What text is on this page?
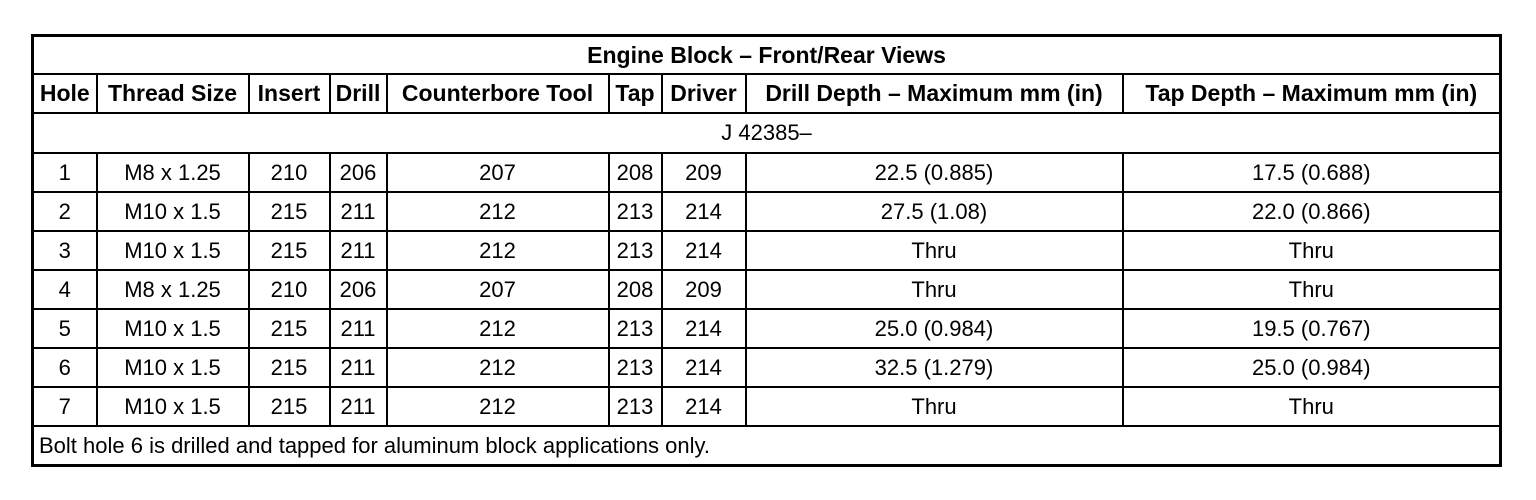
Engine Block – Front/Rear Views								
Hole	Thread Size	Insert	Drill	Counterbore Tool	Tap	Driver	Drill Depth – Maximum mm (in)	Tap Depth – Maximum mm (in)
J 42385–								
1	M8 x 1.25	210	206	207	208	209	22.5 (0.885)	17.5 (0.688)
2	M10 x 1.5	215	211	212	213	214	27.5 (1.08)	22.0 (0.866)
3	M10 x 1.5	215	211	212	213	214	Thru	Thru
4	M8 x 1.25	210	206	207	208	209	Thru	Thru
5	M10 x 1.5	215	211	212	213	214	25.0 (0.984)	19.5 (0.767)
6	M10 x 1.5	215	211	212	213	214	32.5 (1.279)	25.0 (0.984)
7	M10 x 1.5	215	211	212	213	214	Thru	Thru
Bolt hole 6 is drilled and tapped for aluminum block applications only.								
